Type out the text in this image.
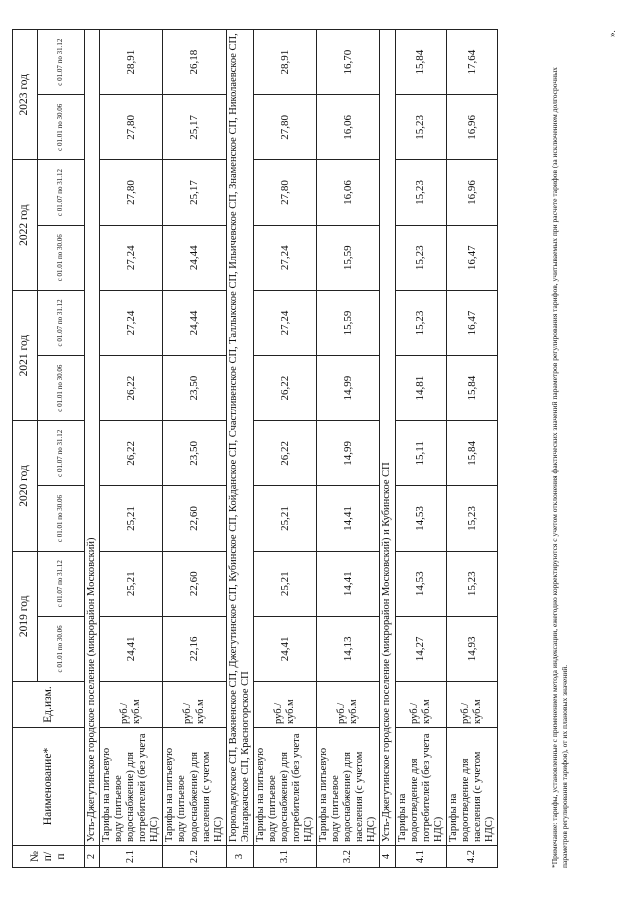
№ п/п	Наименование*	Ед.изм.	2019 год		2020 год		2021 год		2022 год		2023 год	
			с 01.01 по 30.06	с 01.07 по 31.12	с 01.01 по 30.06	с 01.07 по 31.12	с 01.01 по 30.06	с 01.07 по 31.12	с 01.01 по 30.06	с 01.07 по 31.12	с 01.01 по 30.06	с 01.07 по 31.12
2	Усть-Джегутинское городское поселение (микрорайон Московский)											
2.1	Тарифы на питьевую воду (питьевое водоснабжение) для потребителей (без учета НДС)	руб./куб.м	24,41	25,21	25,21	26,22	26,22	27,24	27,24	27,80	27,80	28,91
2.2	Тарифы на питьевую воду (питьевое водоснабжение) для населения (с учетом НДС)	руб./куб.м	22,16	22,60	22,60	23,50	23,50	24,44	24,44	25,17	25,17	26,18
3	Гюрюльдеукское СП, Важненское СП, Джегутинское СП, Кубинское СП, Койданское СП, Счастливенское СП, Таллыкское СП, Ильичевское СП, Знаменское СП, Николаевское СП, Эльтаркачское СП, Красногорское СП											
3.1	Тарифы на питьевую воду (питьевое водоснабжение) для потребителей (без учета НДС)	руб./куб.м	24,41	25,21	25,21	26,22	26,22	27,24	27,24	27,80	27,80	28,91
3.2	Тарифы на питьевую воду (питьевое водоснабжение) для населения (с учетом НДС)	руб./куб.м	14,13	14,41	14,41	14,99	14,99	15,59	15,59	16,06	16,06	16,70
4	Усть-Джегутинское городское поселение (микрорайон Московский) и Кубинское СП											
4.1	Тарифы на водоотведение для потребителей (без учета НДС)	руб./куб.м	14,27	14,53	14,53	15,11	14,81	15,23	15,23	15,23	15,23	15,84
4.2	Тарифы на водоотведение для населения (с учетом НДС)	руб./куб.м	14,93	15,23	15,23	15,84	15,84	16,47	16,47	16,96	16,96	17,64
*Примечание: тарифы, установленные с применением метода индексации, ежегодно корректируются с учетом отклонения фактических значений параметров регулирования тарифов, учитываемых при расчете тарифов (за исключением долгосрочных параметров регулирования тарифов), от их плановых значений.
».
